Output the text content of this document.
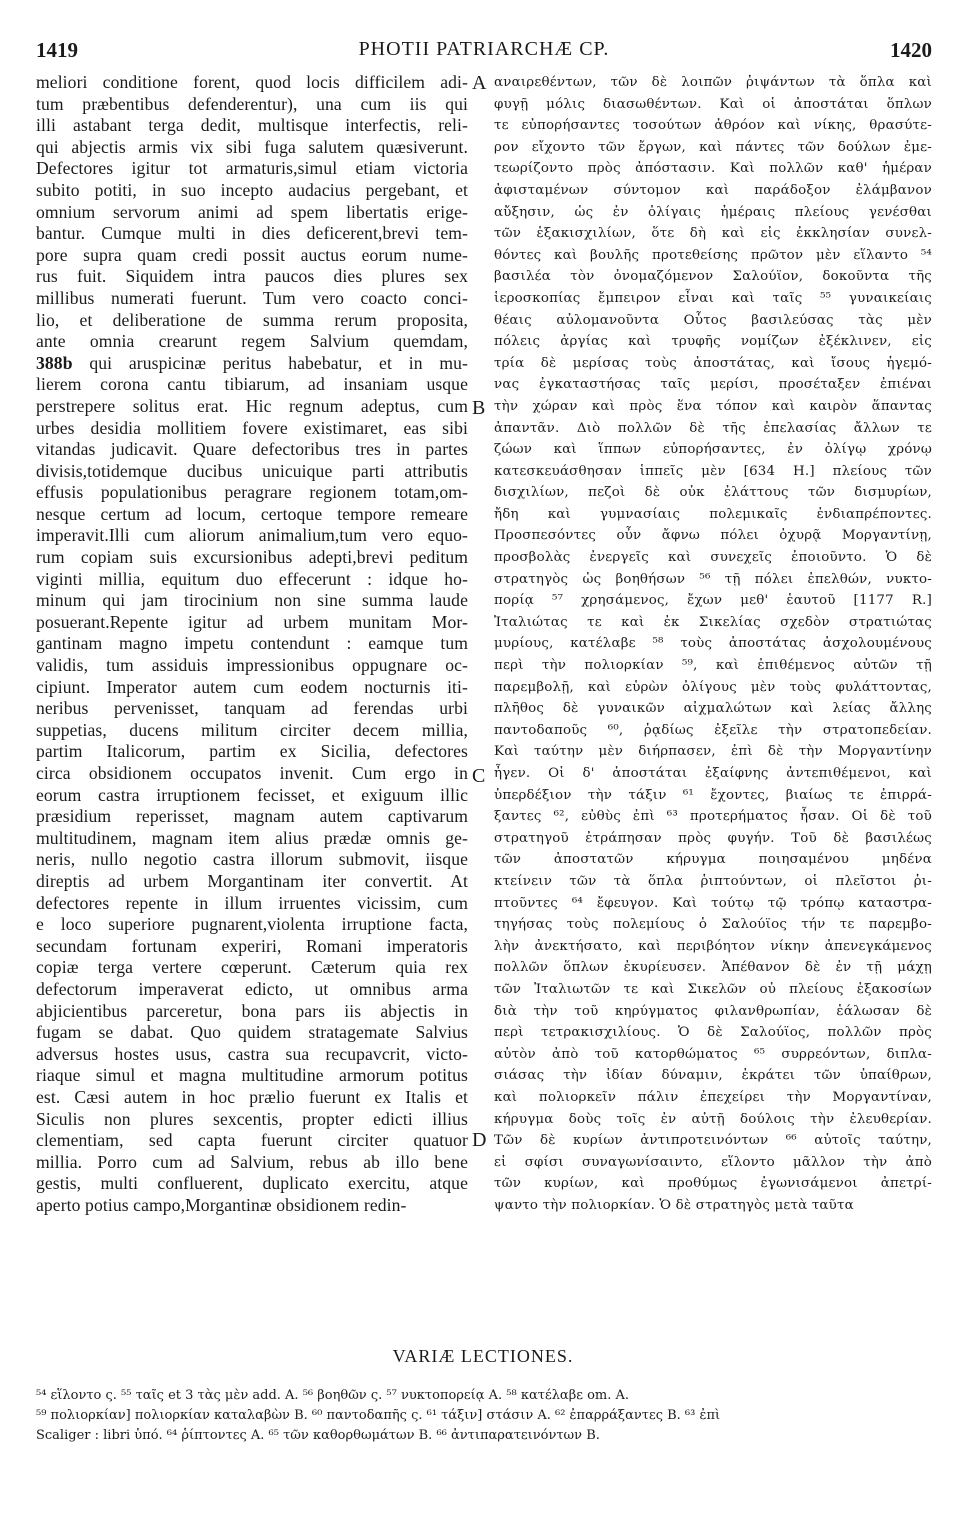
1419	PHOTII PATRIARCHÆ CP.	1420
meliori conditione forent, quod locis difficilem adi-
tum præbentibus defenderentur), una cum iis qui
illi astabant terga dedit, multisque interfectis, reli-
qui abjectis armis vix sibi fuga salutem quæsiverunt.
Defectores igitur tot armaturis,simul etiam victoria
subito potiti, in suo incepto audacius pergebant, et
omnium servorum animi ad spem libertatis erige-
bantur. Cumque multi in dies deficerent,brevi tem-
pore supra quam credi possit auctus eorum nume-
rus fuit. Siquidem intra paucos dies plures sex
millibus numerati fuerunt. Tum vero coacto conci-
lio, et deliberatione de summa rerum proposita,
ante omnia crearunt regem Salvium quemdam,
388b qui aruspicinæ peritus habebatur, et in mu-
lierem corona cantu tibiarum, ad insaniam usque
perstrepere solitus erat. Hic regnum adeptus, cum
urbes desidia mollitiem fovere existimaret, eas sibi
vitandas judicavit. Quare defectoribus tres in partes
divisis,totidemque ducibus unicuique parti attributis
effusis populationibus peragrare regionem totam,om-
nesque certum ad locum, certoque tempore remeare
imperavit.Illi cum aliorum animalium,tum vero equo-
rum copiam suis excursionibus adepti,brevi peditum
viginti millia, equitum duo effecerunt : idque ho-
minum qui jam tirocinium non sine summa laude
posuerant.Repente igitur ad urbem munitam Mor-
gantinam magno impetu contendunt : eamque tum
validis, tum assiduis impressionibus oppugnare oc-
cipiunt. Imperator autem cum eodem nocturnis iti-
neribus pervenisset, tanquam ad ferendas urbi
suppetias, ducens militum circiter decem millia,
partim Italicorum, partim ex Sicilia, defectores
circa obsidionem occupatos invenit. Cum ergo in
eorum castra irruptionem fecisset, et exiguum illic
præsidium reperisset, magnam autem captivarum
multitudinem, magnam item alius prædæ omnis ge-
neris, nullo negotio castra illorum submovit, iisque
direptis ad urbem Morgantinam iter convertit. At
defectores repente in illum irruentes vicissim, cum
e loco superiore pugnarent,violenta irruptione facta,
secundam fortunam experiri, Romani imperatoris
copiæ terga vertere cœperunt. Cæterum quia rex
defectorum imperaverat edicto, ut omnibus arma
abjicientibus parceretur, bona pars iis abjectis in
fugam se dabat. Quo quidem stratagemate Salvius
adversus hostes usus, castra sua recupavcrit, victo-
riaque simul et magna multitudine armorum potitus
est. Cæsi autem in hoc prælio fuerunt ex Italis et
Siculis non plures sexcentis, propter edicti illius
clementiam, sed capta fuerunt circiter quatuor
millia. Porro cum ad Salvium, rebus ab illo bene
gestis, multi confluerent, duplicato exercitu, atque
aperto potius campo,Morgantinæ obsidionem redin-
αναιρεθέντων, τῶν δὲ λοιπῶν ῥιψάντων τὰ ὅπλα καὶ
φυγῇ μόλις διασωθέντων. Καὶ οἱ ἀποστάται ὅπλων
τε εὐπορήσαντες τοσούτων ἀθρόον καὶ νίκης, θρασύτε-
ρον εἴχοντο τῶν ἔργων, καὶ πάντες τῶν δούλων ἐμε-
τεωρίζοντο πρὸς ἀπόστασιν. Καὶ πολλῶν καθ' ἡμέραν
ἀφισταμένων σύντομον καὶ παράδοξον ἐλάμβανον
αὔξησιν, ὡς ἐν ὀλίγαις ἡμέραις πλείους γενέσθαι
τῶν ἑξακισχιλίων, ὅτε δὴ καὶ εἰς ἐκκλησίαν συνελ-
θόντες καὶ βουλῆς προτεθείσης πρῶτον μὲν εἵλαντο ⁵⁴
βασιλέα τὸν ὀνομαζόμενον Σαλούϊον, δοκοῦντα τῆς
ἱεροσκοπίας ἔμπειρον εἶναι καὶ ταῖς ⁵⁵ γυναικείαις
θέαις αὐλομανοῦντα Οὗτος βασιλεύσας τὰς μὲν
πόλεις ἀργίας καὶ τρυφῆς νομίζων ἐξέκλινεν, εἰς
τρία δὲ μερίσας τοὺς ἀποστάτας, καὶ ἴσους ἡγεμό-
νας ἐγκαταστήσας ταῖς μερίσι, προσέταξεν ἐπιέναι
τὴν χώραν καὶ πρὸς ἕνα τόπον καὶ καιρὸν ἅπαντας
ἀπαντᾶν. Διὸ πολλῶν δὲ τῆς ἐπελασίας ἄλλων τε
ζώων καὶ ἵππων εὐπορήσαντες, ἐν ὀλίγῳ χρόνῳ
κατεσκευάσθησαν ἱππεῖς μὲν [634 H.] πλείους τῶν
δισχιλίων, πεζοὶ δὲ οὐκ ἐλάττους τῶν δισμυρίων,
ἤδη καὶ γυμνασίαις πολεμικαῖς ἐνδιαπρέποντες.
Προσπεσόντες οὖν ἄφνω πόλει ὀχυρᾷ Μοργαντίνῃ,
προσβολὰς ἐνεργεῖς καὶ συνεχεῖς ἐποιοῦντο. Ὁ δὲ
στρατηγὸς ὡς βοηθήσων ⁵⁶ τῇ πόλει ἐπελθών, νυκτο-
πορίᾳ ⁵⁷ χρησάμενος, ἔχων μεθ' ἑαυτοῦ [1177 R.]
Ἰταλιώτας τε καὶ ἐκ Σικελίας σχεδὸν στρατιώτας
μυρίους, κατέλαβε ⁵⁸ τοὺς ἀποστάτας ἀσχολουμένους
περὶ τὴν πολιορκίαν ⁵⁹, καὶ ἐπιθέμενος αὐτῶν τῇ
παρεμβολῇ, καὶ εὑρὼν ὀλίγους μὲν τοὺς φυλάττοντας,
πλῆθος δὲ γυναικῶν αἰχμαλώτων καὶ λείας ἄλλης
παντοδαποῦς ⁶⁰, ῥᾳδίως ἐξεῖλε τὴν στρατοπεδείαν.
Καὶ ταύτην μὲν διήρπασεν, ἐπὶ δὲ τὴν Μοργαντίνην
ἦγεν. Οἱ δ' ἀποστάται ἐξαίφνης ἀντεπιθέμενοι, καὶ
ὑπερδέξιον τὴν τάξιν ⁶¹ ἔχοντες, βιαίως τε ἐπιρρά-
ξαντες ⁶², εὐθὺς ἐπὶ ⁶³ προτερήματος ἦσαν. Οἱ δὲ τοῦ
στρατηγοῦ ἐτράπησαν πρὸς φυγήν. Τοῦ δὲ βασιλέως
τῶν ἀποστατῶν κήρυγμα ποιησαμένου μηδένα
κτείνειν τῶν τὰ ὅπλα ῥιπτούντων, οἱ πλεῖστοι ῥι-
πτοῦντες ⁶⁴ ἔφευγον. Καὶ τούτῳ τῷ τρόπῳ καταστρα-
τηγήσας τοὺς πολεμίους ὁ Σαλούϊος τήν τε παρεμβο-
λὴν ἀνεκτήσατο, καὶ περιβόητον νίκην ἀπενεγκάμενος
πολλῶν ὅπλων ἐκυρίευσεν. Ἀπέθανον δὲ ἐν τῇ μάχῃ
τῶν Ἰταλιωτῶν τε καὶ Σικελῶν οὐ πλείους ἑξακοσίων
διὰ τὴν τοῦ κηρύγματος φιλανθρωπίαν, ἑάλωσαν δὲ
περὶ τετρακισχιλίους. Ὁ δὲ Σαλούϊος, πολλῶν πρὸς
αὐτὸν ἀπὸ τοῦ κατορθώματος ⁶⁵ συρρεόντων, διπλα-
σιάσας τὴν ἰδίαν δύναμιν, ἐκράτει τῶν ὑπαίθρων,
καὶ πολιορκεῖν πάλιν ἐπεχείρει τὴν Μοργαντίναν,
κήρυγμα δοὺς τοῖς ἐν αὐτῇ δούλοις τὴν ἐλευθερίαν.
Τῶν δὲ κυρίων ἀντιπροτεινόντων ⁶⁶ αὐτοῖς ταύτην,
εἰ σφίσι συναγωνίσαιντο, εἵλοντο μᾶλλον τὴν ἀπὸ
τῶν κυρίων, καὶ προθύμως ἐγωνισάμενοι ἀπετρί-
ψαντο τὴν πολιορκίαν. Ὁ δὲ στρατηγὸς μετὰ ταῦτα
A
B
C
D
VARIÆ LECTIONES.
⁵⁴ εἵλοντο ς. ⁵⁵ ταῖς et 3 τὰς μὲν add. A. ⁵⁶ βοηθῶν ς. ⁵⁷ νυκτοπορείᾳ A. ⁵⁸ κατέλαβε om. A.
⁵⁹ πολιορκίαν] πολιορκίαν καταλαβὼν B. ⁶⁰ παντοδαπῆς ς. ⁶¹ τάξιν] στάσιν A. ⁶² ἐπαρράξαντες B. ⁶³ ἐπὶ
Scaliger : libri ὑπό. ⁶⁴ ῥίπτοντες A. ⁶⁵ τῶν καθορθωμάτων B. ⁶⁶ ἀντιπαρατεινόντων B.
